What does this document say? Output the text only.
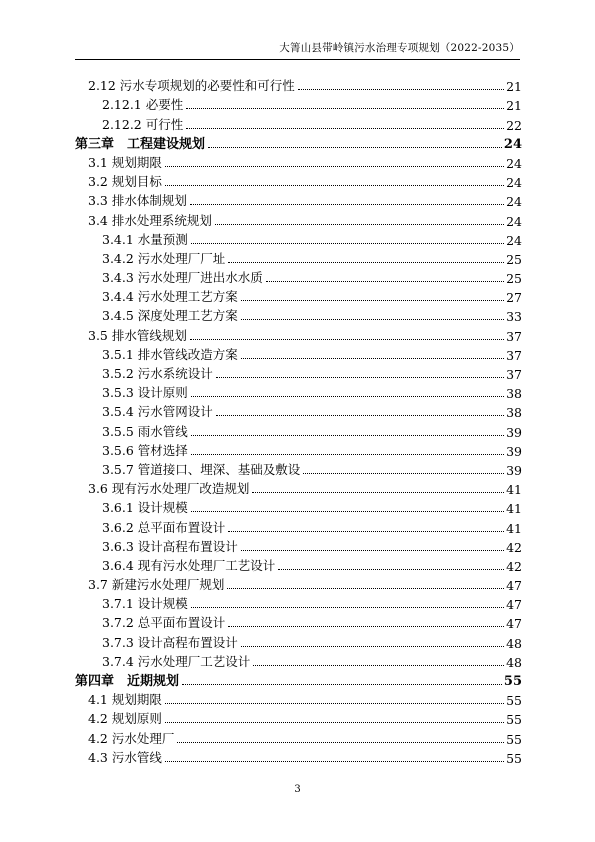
大箐山县带岭镇污水治理专项规划（2022-2035）
2.12 污水专项规划的必要性和可行性	21
2.12.1 必要性	21
2.12.2 可行性	22
第三章　工程建设规划	24
3.1 规划期限	24
3.2 规划目标	24
3.3 排水体制规划	24
3.4 排水处理系统规划	24
3.4.1 水量预测	24
3.4.2 污水处理厂厂址	25
3.4.3 污水处理厂进出水水质	25
3.4.4 污水处理工艺方案	27
3.4.5 深度处理工艺方案	33
3.5 排水管线规划	37
3.5.1 排水管线改造方案	37
3.5.2 污水系统设计	37
3.5.3 设计原则	38
3.5.4 污水管网设计	38
3.5.5 雨水管线	39
3.5.6 管材选择	39
3.5.7 管道接口、埋深、基础及敷设	39
3.6 现有污水处理厂改造规划	41
3.6.1 设计规模	41
3.6.2 总平面布置设计	41
3.6.3 设计高程布置设计	42
3.6.4 现有污水处理厂工艺设计	42
3.7 新建污水处理厂规划	47
3.7.1 设计规模	47
3.7.2 总平面布置设计	47
3.7.3 设计高程布置设计	48
3.7.4 污水处理厂工艺设计	48
第四章　近期规划	55
4.1 规划期限	55
4.2 规划原则	55
4.2 污水处理厂	55
4.3 污水管线	55
3
